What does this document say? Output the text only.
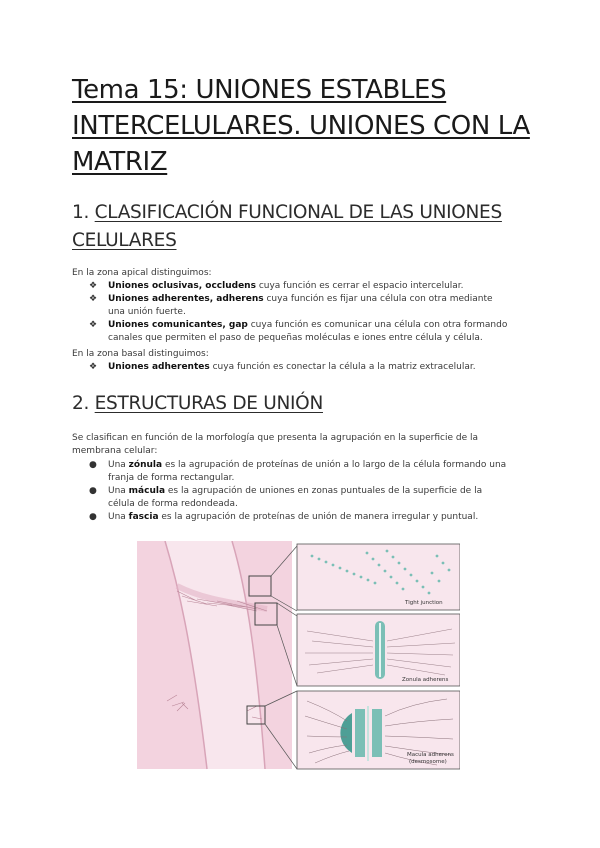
Tema 15: UNIONES ESTABLES
INTERCELULARES. UNIONES CON LA
MATRIZ
1. CLASIFICACIÓN FUNCIONAL DE LAS UNIONES
CELULARES

En la zona apical distinguimos:

❖ Uniones oclusivas, occludens cuya función es cerrar el espacio intercelular.
❖ Uniones adherentes, adherens cuya función es fijar una célula con otra mediante una unión fuerte.
❖ Uniones comunicantes, gap cuya función es comunicar una célula con otra formando canales que permiten el paso de pequeñas moléculas e iones entre célula y célula.

En la zona basal distinguimos:

❖ Uniones adherentes cuya función es conectar la célula a la matriz extracelular.
2. ESTRUCTURAS DE UNIÓN

Se clasifican en función de la morfología que presenta la agrupación en la superficie de la membrana celular:

● Una zónula es la agrupación de proteínas de unión a lo largo de la célula formando una franja de forma rectangular.
● Una mácula es la agrupación de uniones en zonas puntuales de la superficie de la célula de forma redondeada.
● Una fascia es la agrupación de proteínas de unión de manera irregular y puntual.
Tight junction
Zonula adherens
Macula adherens
(desmosome)
